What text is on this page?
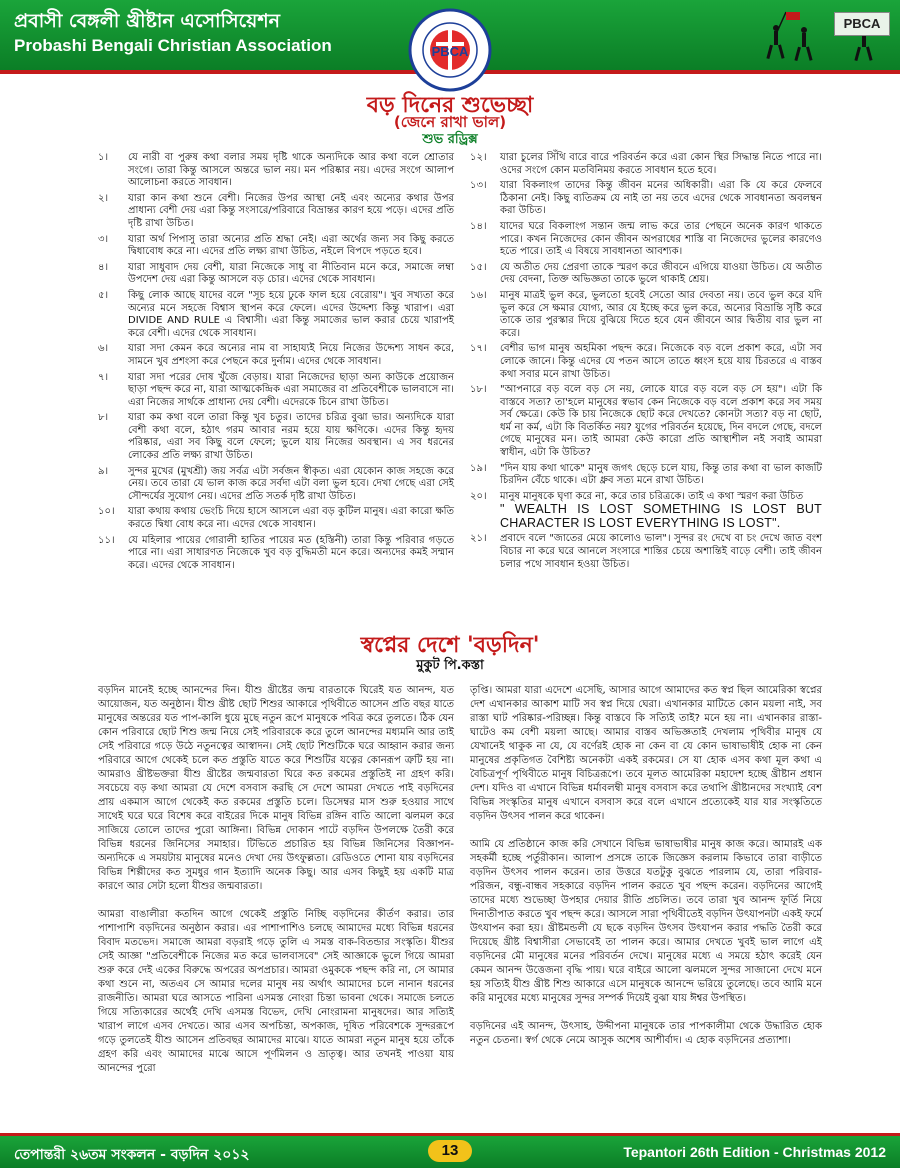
প্রবাসী বেঙ্গলী খ্রীষ্টান এসোসিয়েশন
Probashi Bengali Christian Association
PBCA
PBCA
বড় দিনের শুভেচ্ছা
(জেনে রাখা ভাল)
শুভ রড্রিক্স
১।	যে নারী বা পুরুষ কথা বলার সময় দৃষ্টি থাকে অন্যদিকে আর কথা বলে শ্রোতার সংগে। তারা কিন্তু আসলে অন্তরে ভাল নয়। মন পরিষ্কার নয়। এদের সংগে আলাপ আলোচনা করতে সাবধান।
২।	যারা কান কথা শুনে বেশী। নিজের উপর আস্থা নেই এবং অন্যের কথার উপর প্রাধান্য বেশী দেয় এরা কিন্তু সংসারে/পরিবারে বিভ্রান্তর কারণ হয়ে পড়ে। এদের প্রতি দৃষ্টি রাখা উচিত।
৩।	যারা অর্থ পিপাসু তারা অন্যের প্রতি শ্রদ্ধা নেই। এরা অর্থের জন্য সব কিছু করতে দ্বিধাবোধ করে না। এদের প্রতি লক্ষ্য রাখা উচিত, নইলে বিপদে পড়তে হবে।
৪।	যারা সাধুবাদ দেয় বেশী, যারা নিজেকে সাধু বা নীতিবান মনে করে, সমাজে লম্বা উপদেশ দেয় এরা কিন্তু আসলে বড় চোর। এদের থেকে সাবধান।
৫।	কিছু লোক আছে যাদের বলে "সূচ হয়ে ঢুকে ফাল হয়ে বেরোয়"। খুব সখ্যতা করে অন্যের মনে সহজে বিশ্বাস স্থাপন করে ফেলে। এদের উদ্দেশ্য কিন্তু খারাপ। এরা DIVIDE AND RULE এ বিশ্বাসী। এরা কিন্তু সমাজের ভাল করার চেয়ে খারাপই করে বেশী। এদের থেকে সাবধান।
৬।	যারা সদা কেমন করে অন্যের নাম বা সাহায্যই নিয়ে নিজের উদ্দেশ্য সাধন করে, সামনে খুব প্রশংসা করে পেছনে করে দুর্নাম। এদের থেকে সাবধান।
৭।	যারা সদা পরের দোষ খুঁজে বেড়ায়। যারা নিজেদের ছাড়া অন্য কাউকে প্রয়োজন ছাড়া পছন্দ করে না, যারা আত্মকেন্দ্রিক এরা সমাজের বা প্রতিবেশীকে ভালবাসে না। এরা নিজের সার্থকে প্রাধান্য দেয় বেশী। এদেরকে চিনে রাখা উচিত।
৮।	যারা কম কথা বলে তারা কিন্তু খুব চতুর। তাদের চরিত্র বুঝা ভার। অন্যদিকে যারা বেশী কথা বলে, হঠাৎ গরম আবার নরম হয়ে যায় ক্ষণিকে। এদের কিন্তু হৃদয় পরিষ্কার, এরা সব কিছু বলে ফেলে; ভুলে যায় নিজের অবস্থান। এ সব ধরনের লোকের প্রতি লক্ষ্য রাখা উচিত।
৯।	সুন্দর মুখের (মুখশ্রী) জয় সর্বত্র এটা সর্বজন স্বীকৃত। এরা যেকোন কাজ সহজে করে নেয়। তবে তারা যে ভাল কাজ করে সর্বদা এটা বলা ভুল হবে। দেখা গেছে এরা সেই সৌন্দর্যের সুযোগ নেয়। এদের প্রতি সতর্ক দৃষ্টি রাখা উচিত।
১০।	যারা কথায় কথায় ভেংচি দিয়ে হাসে আসলে এরা বড় কুটিল মানুষ। এরা কারো ক্ষতি করতে দ্বিধা বোধ করে না। এদের থেকে সাবধান।
১১।	যে মহিলার পায়ের গোরালী হাতির পায়ের মত (হস্তিনী) তারা কিন্তু পরিবার গড়তে পারে না। এরা সাধারণত নিজেকে খুব বড় বুদ্ধিমতী মনে করে। অন্যদের কমই সম্মান করে। এদের থেকে সাবধান।
১২।	যারা চুলের সিঁথি বারে বারে পরিবর্তন করে এরা কোন স্থির সিদ্ধান্ত নিতে পারে না। ওদের সংগে কোন মতবিনিময় করতে সাবধান হতে হবে।
১৩।	যারা বিকলাংগ তাদের কিন্তু জীবন মনের অধিকারী। এরা কি যে করে ফেলবে ঠিকানা নেই। কিছু ব্যতিক্রম যে নাই তা নয় তবে এদের থেকে সাবধানতা অবলম্বন করা উচিত।
১৪।	যাদের ঘরে বিকলাংগ সন্তান জন্ম লাভ করে তার পেছনে অনেক কারণ থাকতে পারে। কখন নিজেদের কোন জীবন অপরাধের শাস্তি বা নিজেদের ভুলের কারণেও হতে পারে। তাই এ বিষয়ে সাবধানতা আবশ্যক।
১৫।	যে অতীত দেয় প্রেরণা তাকে স্মরণ করে জীবনে এগিয়ে যাওয়া উচিত। যে অতীত দেয় বেদনা, তিক্ত অভিজ্ঞতা তাকে ভুলে থাকাই শ্রেয়।
১৬।	মানুষ মাত্রই ভুল করে, ভুলতো হবেই সেতো আর দেবতা নয়। তবে ভুল করে যদি ভুল করে সে ক্ষমার যোগ্য, আর যে ইচ্ছে করে ভুল করে, অন্যের বিভ্রান্তি সৃষ্টি করে তাকে তার পুরস্কার দিয়ে বুঝিয়ে দিতে হবে যেন জীবনে আর দ্বিতীয় বার ভুল না করে।
১৭।	বেশীর ভাগ মানুষ অহমিকা পছন্দ করে। নিজেকে বড় বলে প্রকাশ করে, এটা সব লোকে জানে। কিন্তু এদের যে পতন আসে তাতে ধ্বংস হয়ে যায় চিরতরে এ বাস্তব কথা সবার মনে রাখা উচিত।
১৮।	"আপনারে বড় বলে বড় সে নয়, লোকে যারে বড় বলে বড় সে হয়"। এটা কি বাস্তবে সত্য? তা'হলে মানুষের স্বভাব কেন নিজেকে বড় বলে প্রকাশ করে সব সময় সর্ব ক্ষেত্রে। কেউ কি চায় নিজেকে ছোট করে দেখতে? কোনটা সত্য? বড় না ছোট, ধর্ম না কর্ম, এটা কি বিতর্কিত নয়? যুগের পরিবর্তন হয়েছে, দিন বদলে গেছে, বদলে গেছে মানুষের মন। তাই আমরা কেউ কারো প্রতি আস্থাশীল নই সবাই আমরা স্বাধীন, এটা কি উচিত?
১৯।	"দিন যায় কথা থাকে" মানুষ জগৎ ছেড়ে চলে যায়, কিন্তু তার কথা বা ভাল কাজটি চিরদিন বেঁচে থাকে। এটা ধ্রুব সত্য মনে রাখা উচিত।
২০।	মানুষ মানুষকে ঘৃণা করে না, করে তার চরিত্রকে। তাই এ কথা স্মরণ করা উচিত
" WEALTH IS LOST SOMETHING IS LOST BUT CHARACTER IS LOST EVERYTHING IS LOST".
২১।	প্রবাদে বলে "জাতের মেয়ে কালোও ভাল"। সুন্দর রং দেখে বা চং দেখে জাত বংশ বিচার না করে ঘরে আনলে সংসারে শান্তির চেয়ে অশান্তিই বাড়ে বেশী। তাই জীবন চলার পথে সাবধান হওয়া উচিত।
স্বপ্নের দেশে 'বড়দিন'
মুকুট পি.কস্তা

বড়দিন মানেই হচ্ছে আনন্দের দিন। যীশু খ্রীষ্টের জন্ম বারতাকে ঘিরেই যত আনন্দ, যত আয়োজন, যত অনুষ্ঠান। যীশু খ্রীষ্ট ছোট শিশুর আকারে পৃথিবীতে আসেন প্রতি বছর যাতে মানুষের অন্তরের যত পাপ-কালি ধুয়ে মুছে নতুন রূপে মানুষকে পবিত্র করে তুলতে। ঠিক যেন কোন পরিবারে ছোট শিশু জন্ম নিয়ে সেই পরিবারকে করে তুলে আনন্দের মধ্যমনি আর তাই সেই পরিবারে গড়ে উঠে নতুনত্বের আস্বাদন। সেই ছোট শিশুটিকে ঘরে আহ্বান করার জন্য পরিবারে আগে থেকেই চলে কত প্রস্তুতি যাতে করে শিশুটির যত্নের কোনরূপ ত্রুটি হয় না। আমরাও খ্রীষ্টভক্তরা যীশু খ্রীষ্টের জন্মবারতা ঘিরে কত রকমের প্রস্তুতিই না গ্রহণ করি। সবচেয়ে বড় কথা আমরা যে দেশে বসবাস করছি সে দেশে আমরা দেখতে পাই বড়দিনের প্রায় একমাস আগে থেকেই কত রকমের প্রস্তুতি চলে। ডিসেম্বর মাস শুরু হওয়ার সাথে সাথেই ঘরে ঘরে বিশেষ করে বাইরের দিকে মানুষ বিভিন্ন রঙ্গিন বাতি আলো ঝলমল করে সাজিয়ে তোলে তাদের পুরো আঙ্গিনা। বিভিন্ন দোকান পাটে বড়দিন উপলক্ষে তৈরী করে বিভিন্ন ধরনের জিনিসের সমাহার। টিভিতে প্রচারিত হয় বিভিন্ন জিনিসের বিজ্ঞাপন- অন্যদিকে এ সময়টায় মানুষের মনেও দেখা দেয় উৎফুল্লতা। রেডিওতে শোনা যায় বড়দিনের বিভিন্ন শিল্পীদের কত সুমধুর গান ইত্যাদি অনেক কিছু। আর এসব কিছুই হয় একটি মাত্র কারণে আর সেটা হলো যীশুর জন্মবারতা।

আমরা বাঙালীরা কতদিন আগে থেকেই প্রস্তুতি নিচ্ছি বড়দিনের কীর্তণ করার। তার পাশাপাশি বড়দিনের অনুষ্ঠান করার। এর পাশাপাশিও চলছে আমাদের মধ্যে বিভিন্ন ধরনের বিবাদ মতভেদ। সমাজে আমরা বড়রাই গড়ে তুলি এ সমস্ত বাক-বিতন্ডার সংস্কৃতি। যীশুর সেই আজ্ঞা "প্রতিবেশীকে নিজের মত করে ভালবাসবে" সেই আজ্ঞাকে ভুলে গিয়ে আমরা শুরু করে দেই একের বিরুদ্ধে অপরের অপপ্রচার। আমরা ওমুককে পছন্দ করি না, সে আমার কথা শুনে না, অতএব সে আমার দলের মানুষ নয় অর্থাৎ আমাদের চলে নানান ধরনের রাজনীতি। আমরা ঘরে আসতে পারিনা এসমস্ত নোংরা চিন্তা ভাবনা থেকে। সমাজে চলতে গিয়ে সত্যিকারের অর্থেই দেখি এসমস্ত বিভেদ, দেখি নোংরামনা মানুষদের। আর সত্যিই খারাপ লাগে এসব দেখতে। আর এসব অপচিন্তা, অপকাজ, দূষিত পরিবেশকে সুন্দররূপে গড়ে তুলতেই যীশু আসেন প্রতিবছর আমাদের মাঝে। যাতে আমরা নতুন মানুষ হয়ে তাঁকে গ্রহণ করি এবং আমাদের মাঝে আসে পূর্ণমিলন ও ভ্রাতৃত্ব। আর তখনই পাওয়া যায় আনন্দের পুরো

তৃপ্তি। আমরা যারা এদেশে এসেছি, আসার আগে আমাদের কত স্বপ্ন ছিল আমেরিকা স্বপ্নের দেশ এখানকার আকাশ মাটি সব স্বপ্ন দিয়ে ঘেরা। এখানকার মাটিতে কোন ময়লা নাই, সব রাস্তা ঘাট পরিষ্কার-পরিচ্ছন্ন। কিন্তু বাস্তবে কি সত্যিই তাই? মনে হয় না। এখানকার রাস্তা-ঘাটেও কম বেশী ময়লা আছে। আমার বাস্তব অভিজ্ঞতাই দেখলাম পৃথিবীর মানুষ যে যেখানেই থাকুক না যে, যে বর্ণেরই হোক না কেন বা যে কোন ভাষাভাষীই হোক না কেন মানুষের প্রকৃতিগত বৈশিষ্ট্য অনেকটা একই রকমের। সে যা হোক এসব কথা মূল কথা এ বৈচিত্রপূর্ণ পৃথিবীতে মানুষ বিচিত্ররূপে। তবে মূলত আমেরিকা মহাদেশ হচ্ছে খ্রীষ্টান প্রধান দেশ। যদিও বা এখানে বিভিন্ন ধর্মাবলম্বী মানুষ বসবাস করে তথাপি খ্রীষ্টানদের সংখ্যাই বেশ বিভিন্ন সংস্কৃতির মানুষ এখানে বসবাস করে বলে এখানে প্রত্যেকেই যার যার সংস্কৃতিতে বড়দিন উৎসব পালন করে থাকেন।

আমি যে প্রতিষ্ঠানে কাজ করি সেখানে বিভিন্ন ভাষাভাষীর মানুষ কাজ করে। আমারই এক সহকর্মী হচ্ছে পর্তুরীকান। আলাপ প্রসঙ্গে তাকে জিজ্ঞেস করলাম কিভাবে তারা বাড়ীতে বড়দিন উৎসব পালন করেন। তার উত্তরে যতটুকু বুঝতে পারলাম যে, তারা পরিবার-পরিজন, বন্ধু-বান্ধব সহকারে বড়দিন পালন করতে খুব পছন্দ করেন। বড়দিনের আগেই তাদের মধ্যে শুভেচ্ছা উপহার দেয়ার রীতি প্রচলিত। তবে তারা খুব আনন্দ ফূর্তি নিয়ে দিনাতীপাত করতে খুব পছন্দ করে। আসলে সারা পৃথিবীতেই বড়দিন উৎযাপনটা একই ফর্মে উৎযাপন করা হয়। খ্রীষ্টমন্ডলী যে ছকে বড়দিন উৎসব উৎযাপন করার পদ্ধতি তৈরী করে দিয়েছে খ্রীষ্ট বিশ্বাসীরা সেভাবেই তা পালন করে। আমার দেখতে খুবই ভাল লাগে এই বড়দিনের মৌ মানুষের মনের পরিবর্তন দেখে। মানুষের মধ্যে এ সময়ে হঠাৎ করেই যেন কেমন আনন্দ উত্তেজনা বৃদ্ধি পায়। ঘরে বাইরে আলো ঝলমলে সুন্দর সাজানো দেখে মনে হয় সত্যিই যীশু খ্রীষ্ট শিশু আকারে এসে মানুষকে আনন্দে ভরিয়ে তুলেছে। তবে আমি মনে করি মানুষের মধ্যে মানুষের সুন্দর সম্পর্ক দিয়েই বুঝা যায় ঈশ্বর উপস্থিত।

বড়দিনের এই আনন্দ, উৎসাহ, উদ্দীপনা মানুষকে তার পাপকালীমা থেকে উদ্ধারিত হোক নতুন চেতনা। স্বর্গ থেকে নেমে আসুক অশেষ আশীর্বাদ। এ হোক বড়দিনের প্রত্যাশা।

তেপান্তরী ২৬তম সংকলন - বড়দিন ২০১২	13	Tepantori 26th Edition - Christmas 2012
